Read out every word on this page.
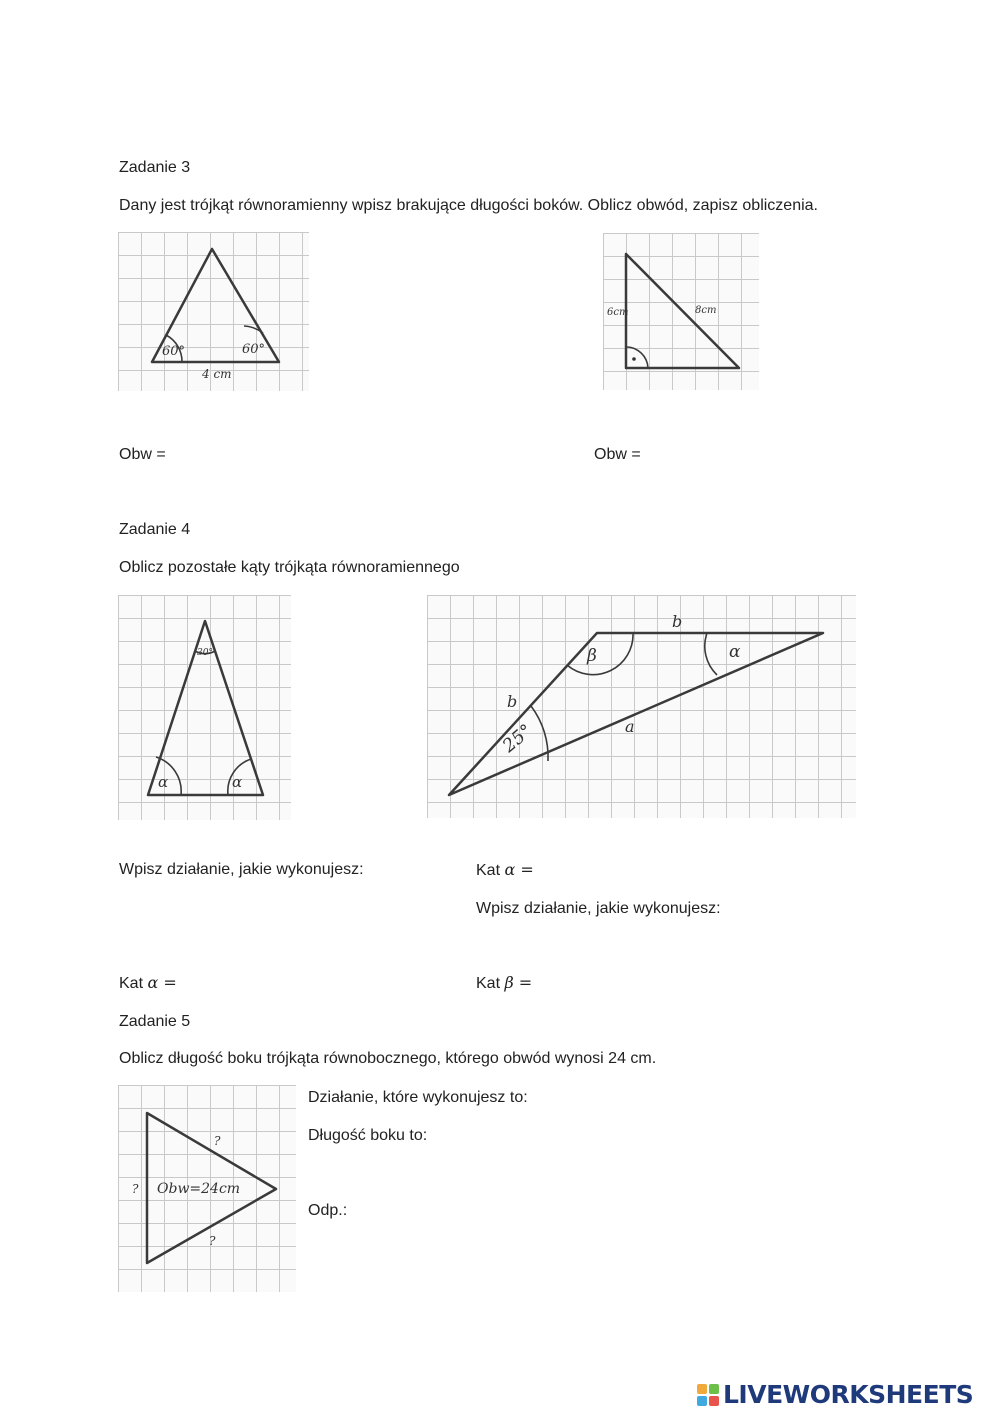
Zadanie 3
Dany jest trójkąt równoramienny wpisz brakujące długości boków. Oblicz obwód, zapisz obliczenia.
60°	60°
4 cm
6cm	8cm
Obw =	Obw =
Zadanie 4
Oblicz pozostałe kąty trójkąta równoramiennego
30°
α	α
b
b
a
β	α
25°
Wpisz działanie, jakie wykonujesz:	Kat α =
Wpisz działanie, jakie wykonujesz:
Kat α =	Kat β =
Zadanie 5
Oblicz długość boku trójkąta równobocznego, którego obwód wynosi 24 cm.
?
?
?
Obw=24cm
Działanie, które wykonujesz to:
Długość boku to:
Odp.:
LIVEWORKSHEETS
